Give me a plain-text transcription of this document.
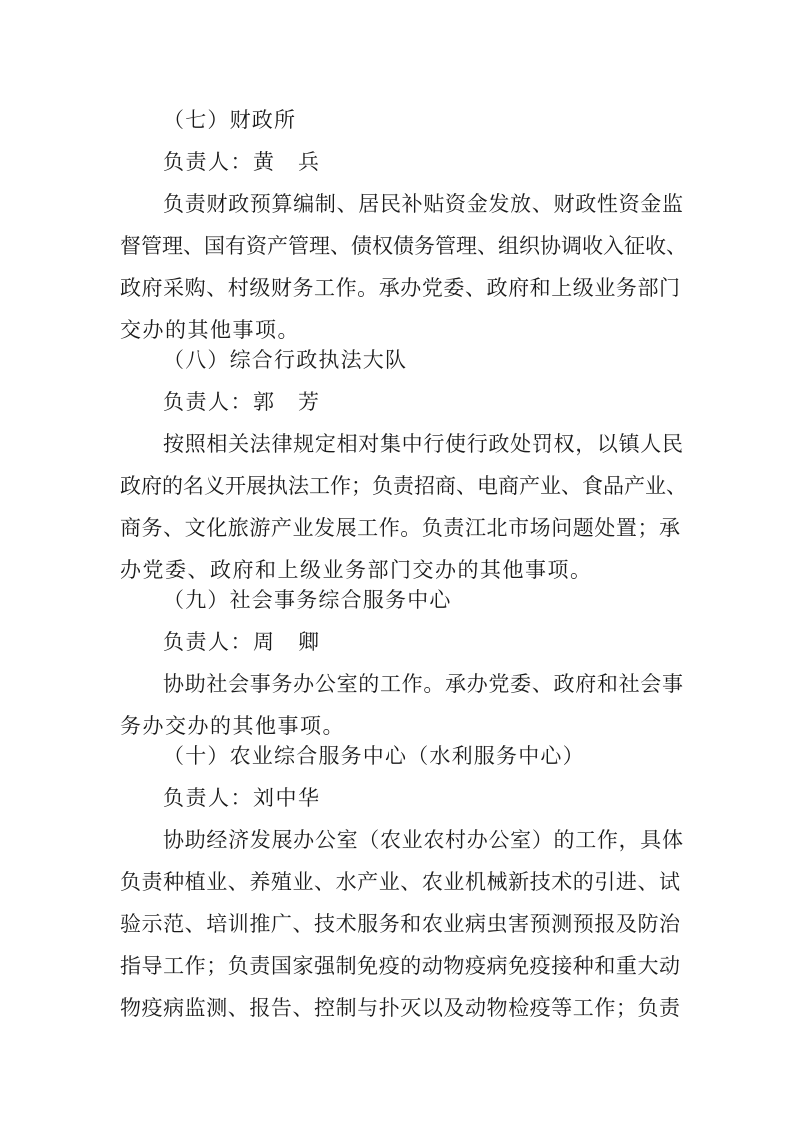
（七）财政所
负责人：黄　兵
负责财政预算编制、居民补贴资金发放、财政性资金监
督管理、国有资产管理、债权债务管理、组织协调收入征收、
政府采购、村级财务工作。承办党委、政府和上级业务部门
交办的其他事项。
（八）综合行政执法大队
负责人：郭　芳
按照相关法律规定相对集中行使行政处罚权，以镇人民
政府的名义开展执法工作；负责招商、电商产业、食品产业、
商务、文化旅游产业发展工作。负责江北市场问题处置；承
办党委、政府和上级业务部门交办的其他事项。
（九）社会事务综合服务中心
负责人：周　卿
协助社会事务办公室的工作。承办党委、政府和社会事
务办交办的其他事项。
（十）农业综合服务中心（水利服务中心）
负责人：刘中华
协助经济发展办公室（农业农村办公室）的工作，具体
负责种植业、养殖业、水产业、农业机械新技术的引进、试
验示范、培训推广、技术服务和农业病虫害预测预报及防治
指导工作；负责国家强制免疫的动物疫病免疫接种和重大动
物疫病监测、报告、控制与扑灭以及动物检疫等工作；负责
